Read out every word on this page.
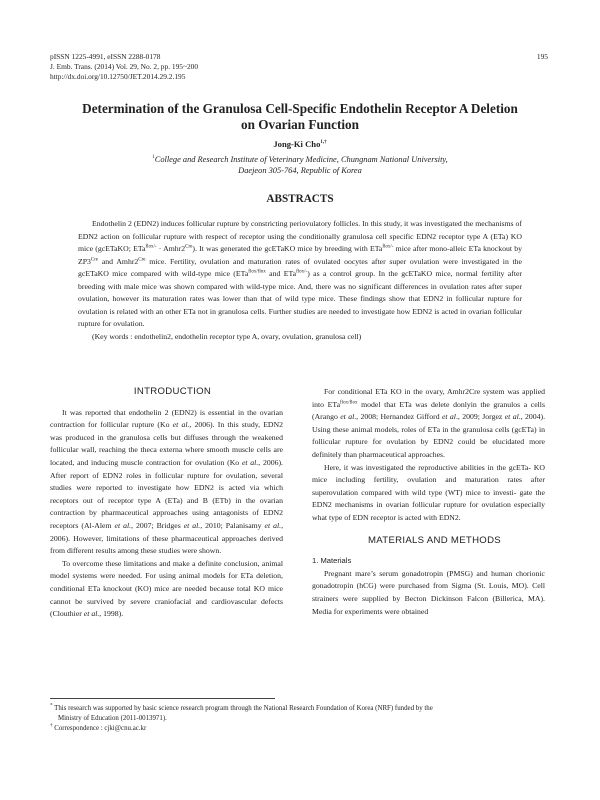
pISSN 1225-4991, eISSN 2288-0178
J. Emb. Trans. (2014) Vol. 29, No. 2, pp. 195~200
http://dx.doi.org/10.12750/JET.2014.29.2.195
195
Determination of the Granulosa Cell-Specific Endothelin Receptor A Deletion
on Ovarian Function
Jong-Ki Cho$^{1,\dagger}$
$^1$College and Research Institute of Veterinary Medicine, Chungnam National University,
Daejeon 305-764, Republic of Korea
ABSTRACTS

Endothelin 2 (EDN2) induces follicular rupture by constricting periovulatory follicles. In this study, it was investigated the mechanisms of EDN2 action on follicular rupture with respect of receptor using the conditionally granulosa cell specific EDN2 receptor type A (ETa) KO mice (gcETaKO; $ETa^{flox/-} \cdot Amhr2^{Cre}$). It was generated the gcETaKO mice by breeding with ETa$^{flox/-}$ mice after mono-alleic ETa knockout by $ZP3^{Cre}$ and $Amhr2^{Cre}$ mice. Fertility, ovulation and maturation rates of ovulated oocytes after super ovulation were investigated in the gcETaKO mice compared with wild-type mice (ETa$^{flox/flox}$ and ETa$^{flox/-}$) as a control group. In the gcETaKO mice, normal fertility after breeding with male mice was shown compared with wild-type mice. And, there was no significant differences in ovulation rates after super ovulation, however its maturation rates was lower than that of wild type mice. These findings show that EDN2 in follicular rupture for ovulation is related with an other ETa not in granulosa cells. Further studies are needed to investigate how EDN2 is acted in ovarian follicular rupture for ovulation.

(Key words : endothelin2, endothelin receptor type A, ovary, ovulation, granulosa cell)

INTRODUCTION

It was reported that endothelin 2 (EDN2) is essential in the ovarian contraction for follicular rupture (Ko et al., 2006). In this study, EDN2 was produced in the granulosa cells but diffuses through the weakened follicular wall, reaching the theca externa where smooth muscle cells are located, and inducing muscle contraction for ovulation (Ko et al., 2006). After report of EDN2 roles in follicular rupture for ovulation, several studies were reported to investigate how EDN2 is acted via which receptors out of receptor type A (ETa) and B (ETb) in the ovarian contraction by pharmaceutical approaches using antagonists of EDN2 receptors (Al-Alem et al., 2007; Bridges et al., 2010; Palanisamy et al., 2006). However, limitations of these pharmaceutical approaches derived from different results among these studies were shown.

To overcome these limitations and make a definite conclusion, animal model systems were needed. For using animal models for ETa deletion, conditional ETa knockout (KO) mice are needed because total KO mice cannot be survived by severe craniofacial and cardiovascular defects (Clouthier et al., 1998).

For conditional ETa KO in the ovary, Amhr2Cre system was applied into ETa$^{flox/flox}$ model that ETa was delete donlyin the granulos a cells (Arango et al., 2008; Hernandez Gifford et al., 2009; Jorgez et al., 2004). Using these animal models, roles of ETa in the granulosa cells (gcETa) in follicular rupture for ovulation by EDN2 could be elucidated more definitely than pharmaceutical approaches.

Here, it was investigated the reproductive abilities in the gcETa- KO mice including fertility, ovulation and maturation rates after superovulation compared with wild type (WT) mice to investi- gate the EDN2 mechanisms in ovarian follicular rupture for ovulation especially what type of EDN receptor is acted with EDN2.

MATERIALS AND METHODS

1. Materials

Pregnant mare’s serum gonadotropin (PMSG) and human chorionic gonadotropin (hCG) were purchased from Sigma (St. Louis, MO). Cell strainers were supplied by Becton Dickinson Falcon (Billerica, MA). Media for experiments were obtained

* This research was supported by basic science research program through the National Research Foundation of Korea (NRF) funded by the

Ministry of Education (2011-0013971).

† Correspondence : cjki@cnu.ac.kr
